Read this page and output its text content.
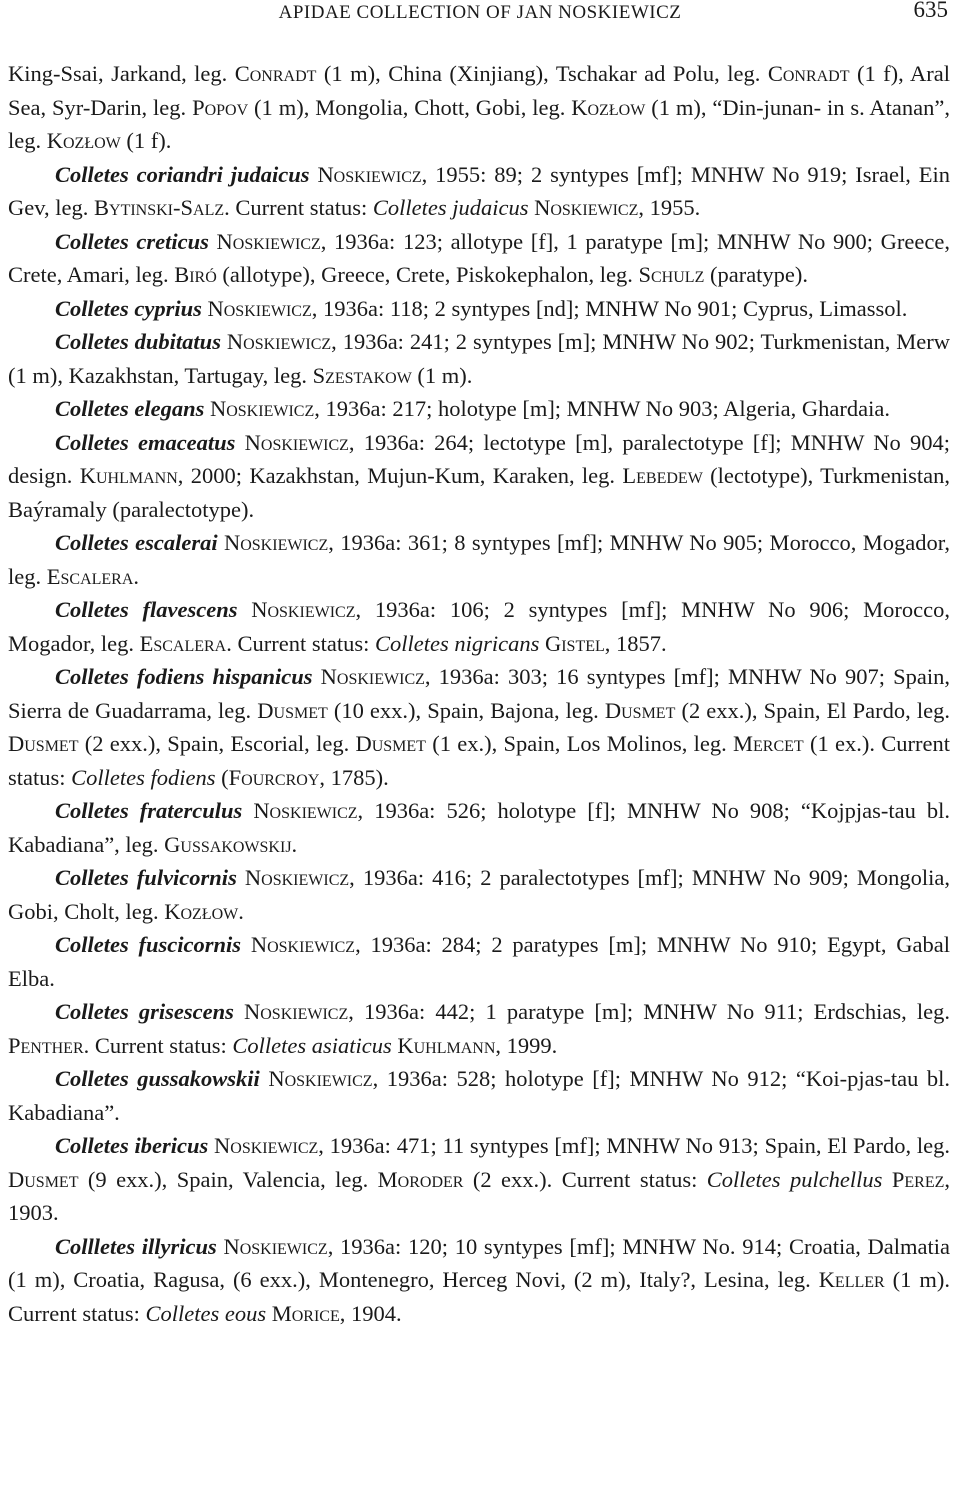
APIDAE COLLECTION OF JAN NOSKIEWICZ	635

King-Ssai, Jarkand, leg. Conradt (1 m), China (Xinjiang), Tschakar ad Polu, leg. Conradt (1 f), Aral Sea, Syr-Darin, leg. Popov (1 m), Mongolia, Chott, Gobi, leg. Kozłow (1 m), “Din-junan- in s. Atanan”, leg. Kozłow (1 f).

Colletes coriandri judaicus Noskiewicz, 1955: 89; 2 syntypes [mf]; MNHW No 919; Israel, Ein Gev, leg. Bytinski-Salz. Current status: Colletes judaicus Noskiewicz, 1955.

Colletes creticus Noskiewicz, 1936a: 123; allotype [f], 1 paratype [m]; MNHW No 900; Greece, Crete, Amari, leg. Biró (allotype), Greece, Crete, Piskokephalon, leg. Schulz (paratype).

Colletes cyprius Noskiewicz, 1936a: 118; 2 syntypes [nd]; MNHW No 901; Cyprus, Limassol.

Colletes dubitatus Noskiewicz, 1936a: 241; 2 syntypes [m]; MNHW No 902; Turkmenistan, Merw (1 m), Kazakhstan, Tartugay, leg. Szestakow (1 m).

Colletes elegans Noskiewicz, 1936a: 217; holotype [m]; MNHW No 903; Algeria, Ghardaia.

Colletes emaceatus Noskiewicz, 1936a: 264; lectotype [m], paralectotype [f]; MNHW No 904; design. Kuhlmann, 2000; Kazakhstan, Mujun-Kum, Karaken, leg. Lebedew (lectotype), Turkmenistan, Baýramaly (paralectotype).

Colletes escalerai Noskiewicz, 1936a: 361; 8 syntypes [mf]; MNHW No 905; Morocco, Mogador, leg. Escalera.

Colletes flavescens Noskiewicz, 1936a: 106; 2 syntypes [mf]; MNHW No 906; Morocco, Mogador, leg. Escalera. Current status: Colletes nigricans Gistel, 1857.

Colletes fodiens hispanicus Noskiewicz, 1936a: 303; 16 syntypes [mf]; MNHW No 907; Spain, Sierra de Guadarrama, leg. Dusmet (10 exx.), Spain, Bajona, leg. Dusmet (2 exx.), Spain, El Pardo, leg. Dusmet (2 exx.), Spain, Escorial, leg. Dusmet (1 ex.), Spain, Los Molinos, leg. Mercet (1 ex.). Current status: Colletes fodiens (Fourcroy, 1785).

Colletes fraterculus Noskiewicz, 1936a: 526; holotype [f]; MNHW No 908; “Kojpjas-tau bl. Kabadiana”, leg. Gussakowskij.

Colletes fulvicornis Noskiewicz, 1936a: 416; 2 paralectotypes [mf]; MNHW No 909; Mongolia, Gobi, Cholt, leg. Kozłow.

Colletes fuscicornis Noskiewicz, 1936a: 284; 2 paratypes [m]; MNHW No 910; Egypt, Gabal Elba.

Colletes grisescens Noskiewicz, 1936a: 442; 1 paratype [m]; MNHW No 911; Erdschias, leg. Penther. Current status: Colletes asiaticus Kuhlmann, 1999.

Colletes gussakowskii Noskiewicz, 1936a: 528; holotype [f]; MNHW No 912; “Koi-pjas-tau bl. Kabadiana”.

Colletes ibericus Noskiewicz, 1936a: 471; 11 syntypes [mf]; MNHW No 913; Spain, El Pardo, leg. Dusmet (9 exx.), Spain, Valencia, leg. Moroder (2 exx.). Current status: Colletes pulchellus Perez, 1903.

Collletes illyricus Noskiewicz, 1936a: 120; 10 syntypes [mf]; MNHW No. 914; Croatia, Dalmatia (1 m), Croatia, Ragusa, (6 exx.), Montenegro, Herceg Novi, (2 m), Italy?, Lesina, leg. Keller (1 m). Current status: Colletes eous Morice, 1904.
